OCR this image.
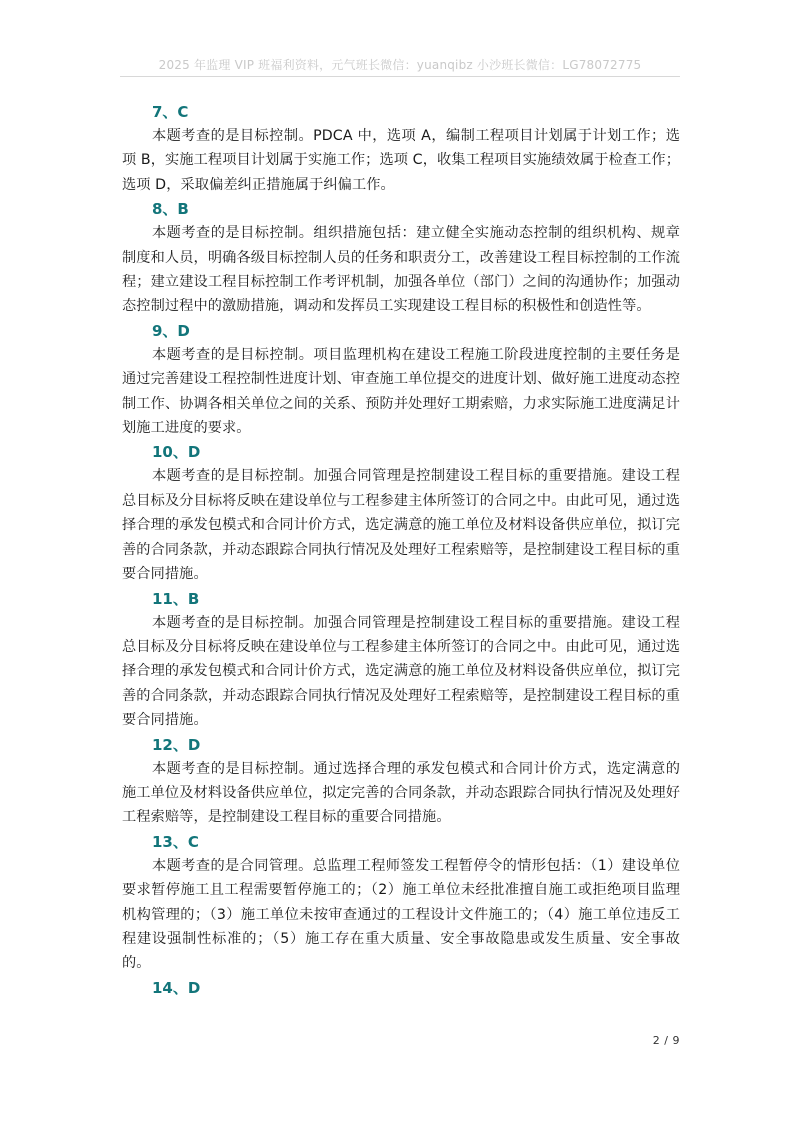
2025 年监理 VIP 班福利资料，元气班长微信：yuanqibz 小沙班长微信：LG78072775
7、C

本题考查的是目标控制。PDCA 中，选项 A，编制工程项目计划属于计划工作；选项 B，实施工程项目计划属于实施工作；选项 C，收集工程项目实施绩效属于检查工作；选项 D，采取偏差纠正措施属于纠偏工作。

8、B

本题考查的是目标控制。组织措施包括：建立健全实施动态控制的组织机构、规章制度和人员，明确各级目标控制人员的任务和职责分工，改善建设工程目标控制的工作流程；建立建设工程目标控制工作考评机制，加强各单位（部门）之间的沟通协作；加强动态控制过程中的激励措施，调动和发挥员工实现建设工程目标的积极性和创造性等。

9、D

本题考查的是目标控制。项目监理机构在建设工程施工阶段进度控制的主要任务是通过完善建设工程控制性进度计划、审查施工单位提交的进度计划、做好施工进度动态控制工作、协调各相关单位之间的关系、预防并处理好工期索赔，力求实际施工进度满足计划施工进度的要求。

10、D

本题考查的是目标控制。加强合同管理是控制建设工程目标的重要措施。建设工程总目标及分目标将反映在建设单位与工程参建主体所签订的合同之中。由此可见，通过选择合理的承发包模式和合同计价方式，选定满意的施工单位及材料设备供应单位，拟订完善的合同条款，并动态跟踪合同执行情况及处理好工程索赔等，是控制建设工程目标的重要合同措施。

11、B

本题考查的是目标控制。加强合同管理是控制建设工程目标的重要措施。建设工程总目标及分目标将反映在建设单位与工程参建主体所签订的合同之中。由此可见，通过选择合理的承发包模式和合同计价方式，选定满意的施工单位及材料设备供应单位，拟订完善的合同条款，并动态跟踪合同执行情况及处理好工程索赔等，是控制建设工程目标的重要合同措施。

12、D

本题考查的是目标控制。通过选择合理的承发包模式和合同计价方式，选定满意的施工单位及材料设备供应单位，拟定完善的合同条款，并动态跟踪合同执行情况及处理好工程索赔等，是控制建设工程目标的重要合同措施。

13、C

本题考查的是合同管理。总监理工程师签发工程暂停令的情形包括：（1）建设单位要求暂停施工且工程需要暂停施工的；（2）施工单位未经批准擅自施工或拒绝项目监理机构管理的；（3）施工单位未按审查通过的工程设计文件施工的；（4）施工单位违反工程建设强制性标准的；（5）施工存在重大质量、安全事故隐患或发生质量、安全事故的。

14、D
2 / 9
